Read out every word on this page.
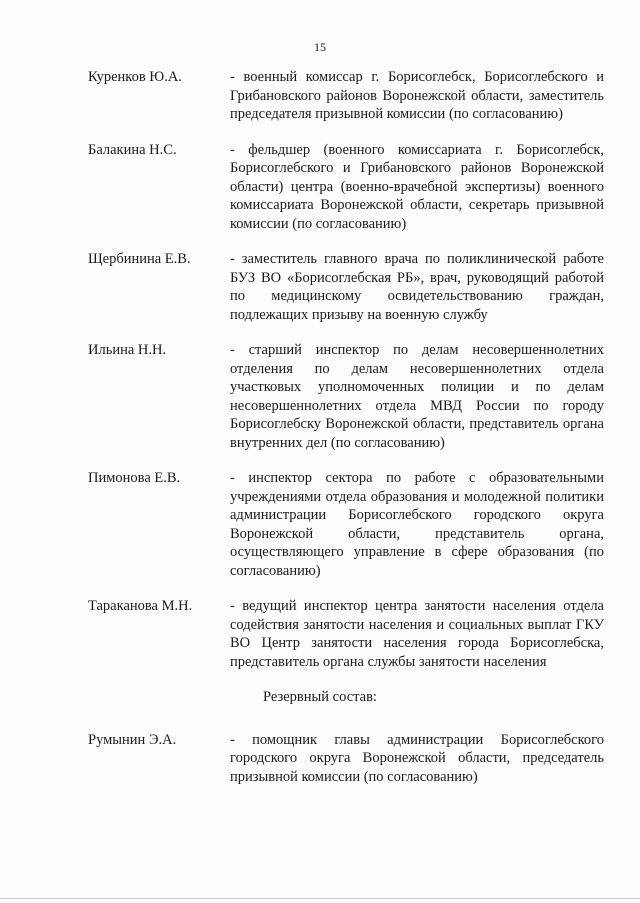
15
Куренков Ю.А.	- военный комиссар г. Борисоглебск, Борисоглебского и Грибановского районов Воронежской области, заместитель председателя призывной комиссии (по согласованию)
Балакина Н.С.	- фельдшер (военного комиссариата г. Борисоглебск, Борисоглебского и Грибановского районов Воронежской области) центра (военно-врачебной экспертизы) военного комиссариата Воронежской области, секретарь призывной комиссии (по согласованию)
Щербинина Е.В.	- заместитель главного врача по поликлинической работе БУЗ ВО «Борисоглебская РБ», врач, руководящий работой по медицинскому освидетельствованию граждан, подлежащих призыву на военную службу
Ильина Н.Н.	- старший инспектор по делам несовершеннолетних отделения по делам несовершеннолетних отдела участковых уполномоченных полиции и по делам несовершеннолетних отдела МВД России по городу Борисоглебску Воронежской области, представитель органа внутренних дел (по согласованию)
Пимонова Е.В.	- инспектор сектора по работе с образовательными учреждениями отдела образования и молодежной политики администрации Борисоглебского городского округа Воронежской области, представитель органа, осуществляющего управление в сфере образования (по согласованию)
Тараканова М.Н.	- ведущий инспектор центра занятости населения отдела содействия занятости населения и социальных выплат ГКУ ВО Центр занятости населения города Борисоглебска, представитель органа службы занятости населения
Резервный состав:
Румынин Э.А.	- помощник главы администрации Борисоглебского городского округа Воронежской области, председатель призывной комиссии (по согласованию)
